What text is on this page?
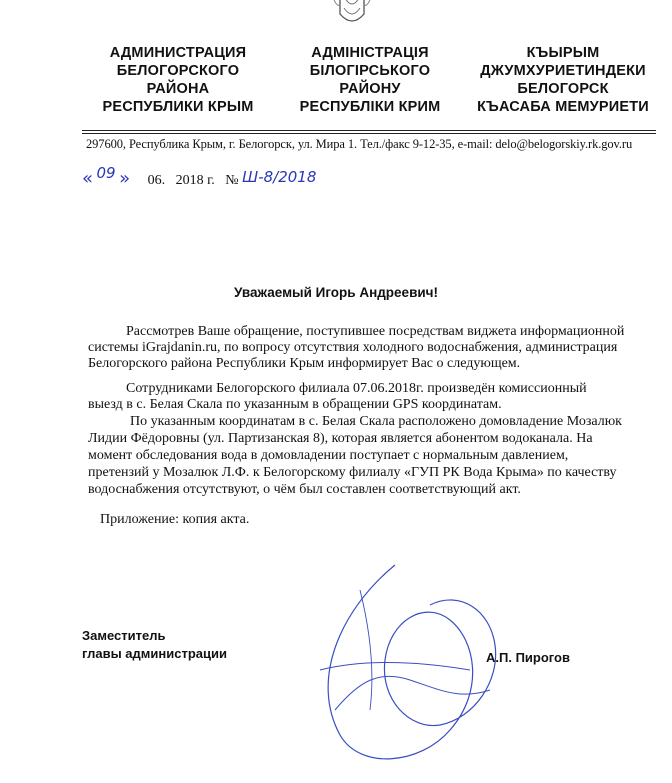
АДМИНИСТРАЦИЯ
БЕЛОГОРСКОГО
РАЙОНА
РЕСПУБЛИКИ КРЫМ
АДМІНІСТРАЦІЯ
БІЛОГІРСЬКОГО
РАЙОНУ
РЕСПУБЛІКИ КРИМ
КЪЫРЫМ
ДЖУМХУРИЕТИНДЕКИ
БЕЛОГОРСК
КЪАСАБА МЕМУРИЕТИ
297600, Республика Крым, г. Белогорск, ул. Мира 1. Тел./факс 9-12-35, e-mail: delo@belogorskiy.rk.gov.ru
« 09 » 06. 2018 г. № Ш-8/2018
Уважаемый Игорь Андреевич!
Рассмотрев Ваше обращение, поступившее посредствам виджета информационной
системы iGrajdanin.ru, по вопросу отсутствия холодного водоснабжения, администрация
Белогорского района Республики Крым информирует Вас о следующем.
Сотрудниками Белогорского филиала 07.06.2018г. произведён комиссионный
выезд в с. Белая Скала по указанным в обращении GPS координатам.
По указанным координатам в с. Белая Скала расположено домовладение Мозалюк
Лидии Фёдоровны (ул. Партизанская 8), которая является абонентом водоканала. На
момент обследования вода в домовладении поступает с нормальным давлением,
претензий у Мозалюк Л.Ф. к Белогорскому филиалу «ГУП РК Вода Крыма» по качеству
водоснабжения отсутствуют, о чём был составлен соответствующий акт.
Приложение: копия акта.
Заместитель
главы администрации	А.П. Пирогов
